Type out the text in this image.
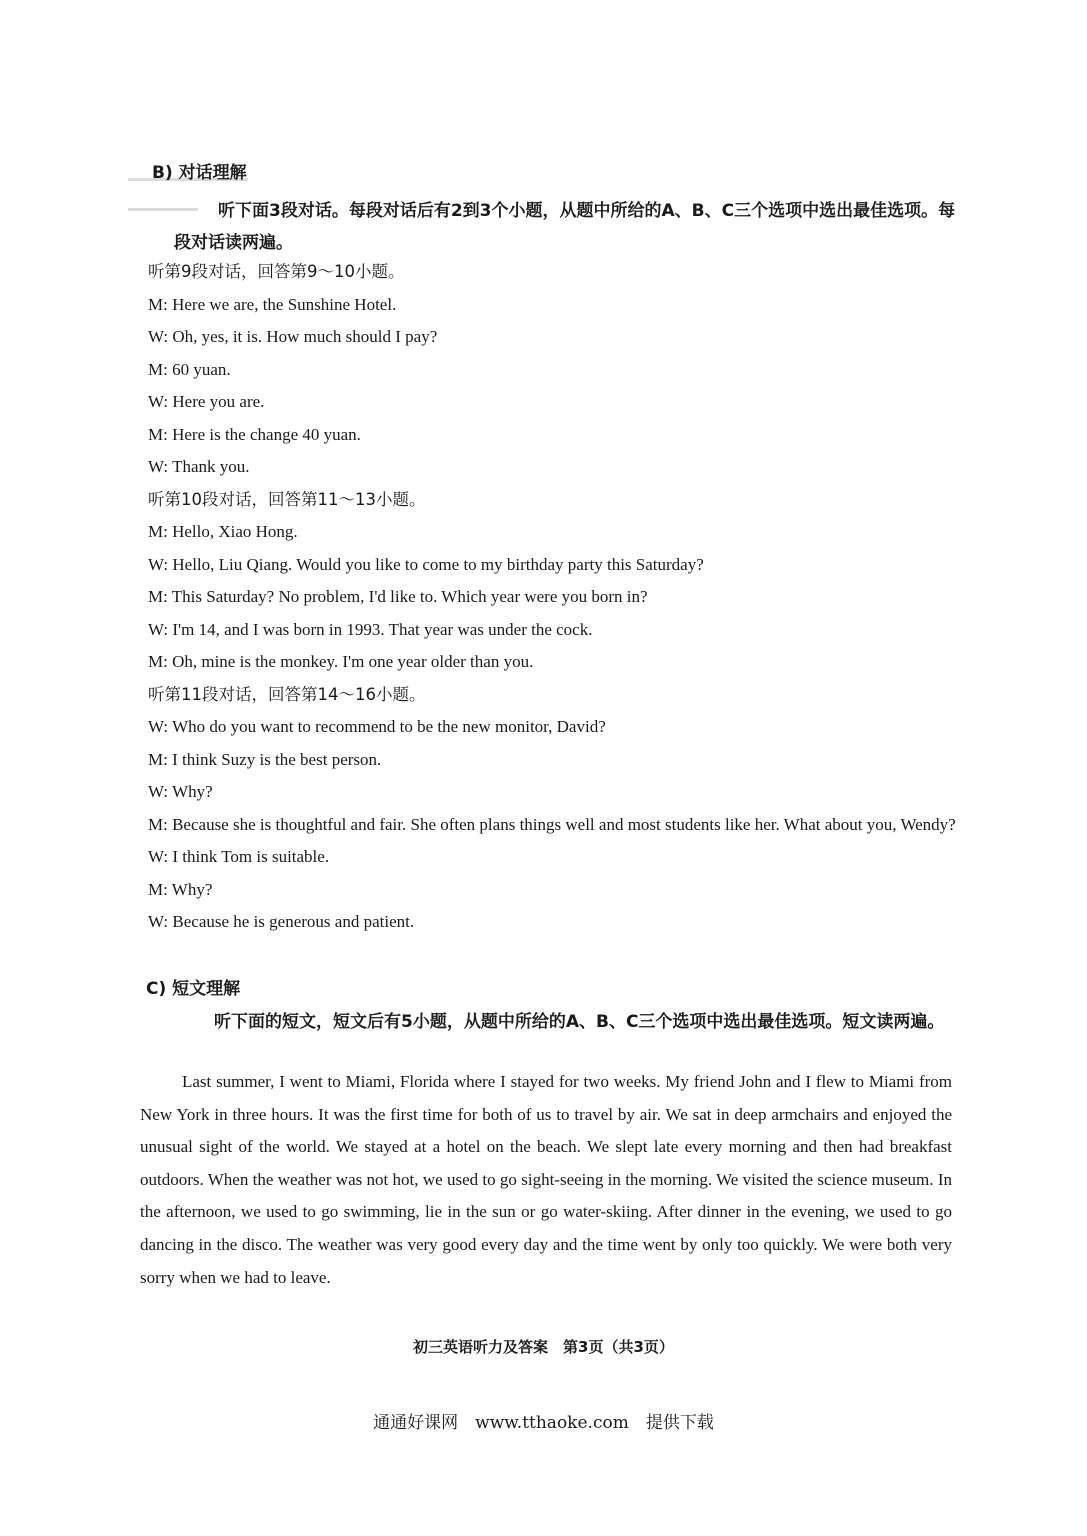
B) 对话理解
听下面3段对话。每段对话后有2到3个小题，从题中所给的A、B、C三个选项中选出最佳选项。每段对话读两遍。
听第9段对话，回答第9～10小题。
M: Here we are, the Sunshine Hotel.
W: Oh, yes, it is. How much should I pay?
M: 60 yuan.
W: Here you are.
M: Here is the change 40 yuan.
W: Thank you.
听第10段对话，回答第11～13小题。
M: Hello, Xiao Hong.
W: Hello, Liu Qiang. Would you like to come to my birthday party this Saturday?
M: This Saturday? No problem, I'd like to. Which year were you born in?
W: I'm 14, and I was born in 1993. That year was under the cock.
M: Oh, mine is the monkey. I'm one year older than you.
听第11段对话，回答第14～16小题。
W: Who do you want to recommend to be the new monitor, David?
M: I think Suzy is the best person.
W: Why?
M: Because she is thoughtful and fair. She often plans things well and most students like her. What about you, Wendy?
W: I think Tom is suitable.
M: Why?
W: Because he is generous and patient.
C) 短文理解
听下面的短文，短文后有5小题，从题中所给的A、B、C三个选项中选出最佳选项。短文读两遍。
Last summer, I went to Miami, Florida where I stayed for two weeks. My friend John and I flew to Miami from New York in three hours. It was the first time for both of us to travel by air. We sat in deep armchairs and enjoyed the unusual sight of the world. We stayed at a hotel on the beach. We slept late every morning and then had breakfast outdoors. When the weather was not hot, we used to go sight-seeing in the morning. We visited the science museum. In the afternoon, we used to go swimming, lie in the sun or go water-skiing. After dinner in the evening, we used to go dancing in the disco. The weather was very good every day and the time went by only too quickly. We were both very sorry when we had to leave.
初三英语听力及答案　第3页（共3页）
通通好课网　www.tthaoke.com　提供下载
